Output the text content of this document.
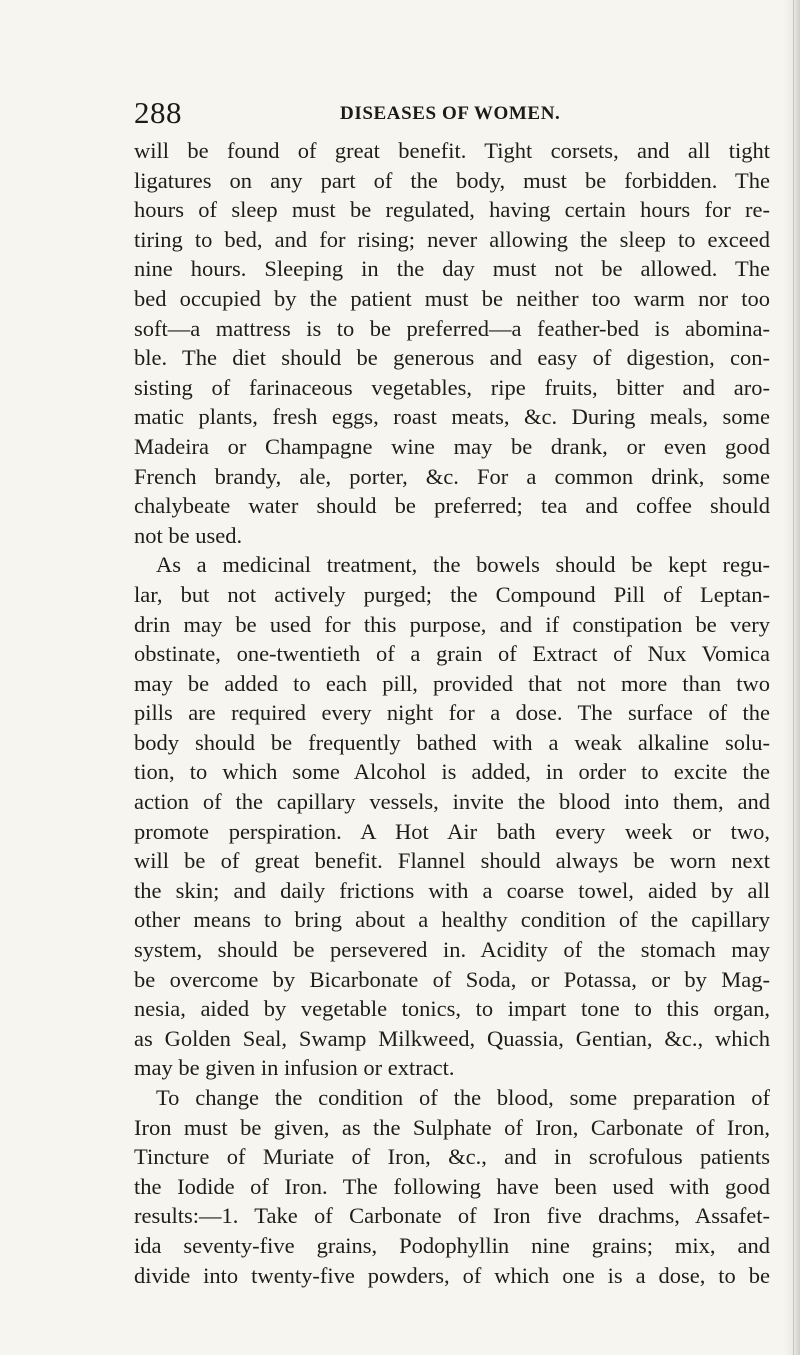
288	DISEASES OF WOMEN.

will be found of great benefit. Tight corsets, and all tight

ligatures on any part of the body, must be forbidden. The

hours of sleep must be regulated, having certain hours for re-

tiring to bed, and for rising; never allowing the sleep to exceed

nine hours. Sleeping in the day must not be allowed. The

bed occupied by the patient must be neither too warm nor too

soft—a mattress is to be preferred—a feather-bed is abomina-

ble. The diet should be generous and easy of digestion, con-

sisting of farinaceous vegetables, ripe fruits, bitter and aro-

matic plants, fresh eggs, roast meats, &c. During meals, some

Madeira or Champagne wine may be drank, or even good

French brandy, ale, porter, &c. For a common drink, some

chalybeate water should be preferred; tea and coffee should

not be used.

As a medicinal treatment, the bowels should be kept regu-

lar, but not actively purged; the Compound Pill of Leptan-

drin may be used for this purpose, and if constipation be very

obstinate, one-twentieth of a grain of Extract of Nux Vomica

may be added to each pill, provided that not more than two

pills are required every night for a dose. The surface of the

body should be frequently bathed with a weak alkaline solu-

tion, to which some Alcohol is added, in order to excite the

action of the capillary vessels, invite the blood into them, and

promote perspiration. A Hot Air bath every week or two,

will be of great benefit. Flannel should always be worn next

the skin; and daily frictions with a coarse towel, aided by all

other means to bring about a healthy condition of the capillary

system, should be persevered in. Acidity of the stomach may

be overcome by Bicarbonate of Soda, or Potassa, or by Mag-

nesia, aided by vegetable tonics, to impart tone to this organ,

as Golden Seal, Swamp Milkweed, Quassia, Gentian, &c., which

may be given in infusion or extract.

To change the condition of the blood, some preparation of

Iron must be given, as the Sulphate of Iron, Carbonate of Iron,

Tincture of Muriate of Iron, &c., and in scrofulous patients

the Iodide of Iron. The following have been used with good

results:—1. Take of Carbonate of Iron five drachms, Assafet-

ida seventy-five grains, Podophyllin nine grains; mix, and

divide into twenty-five powders, of which one is a dose, to be
